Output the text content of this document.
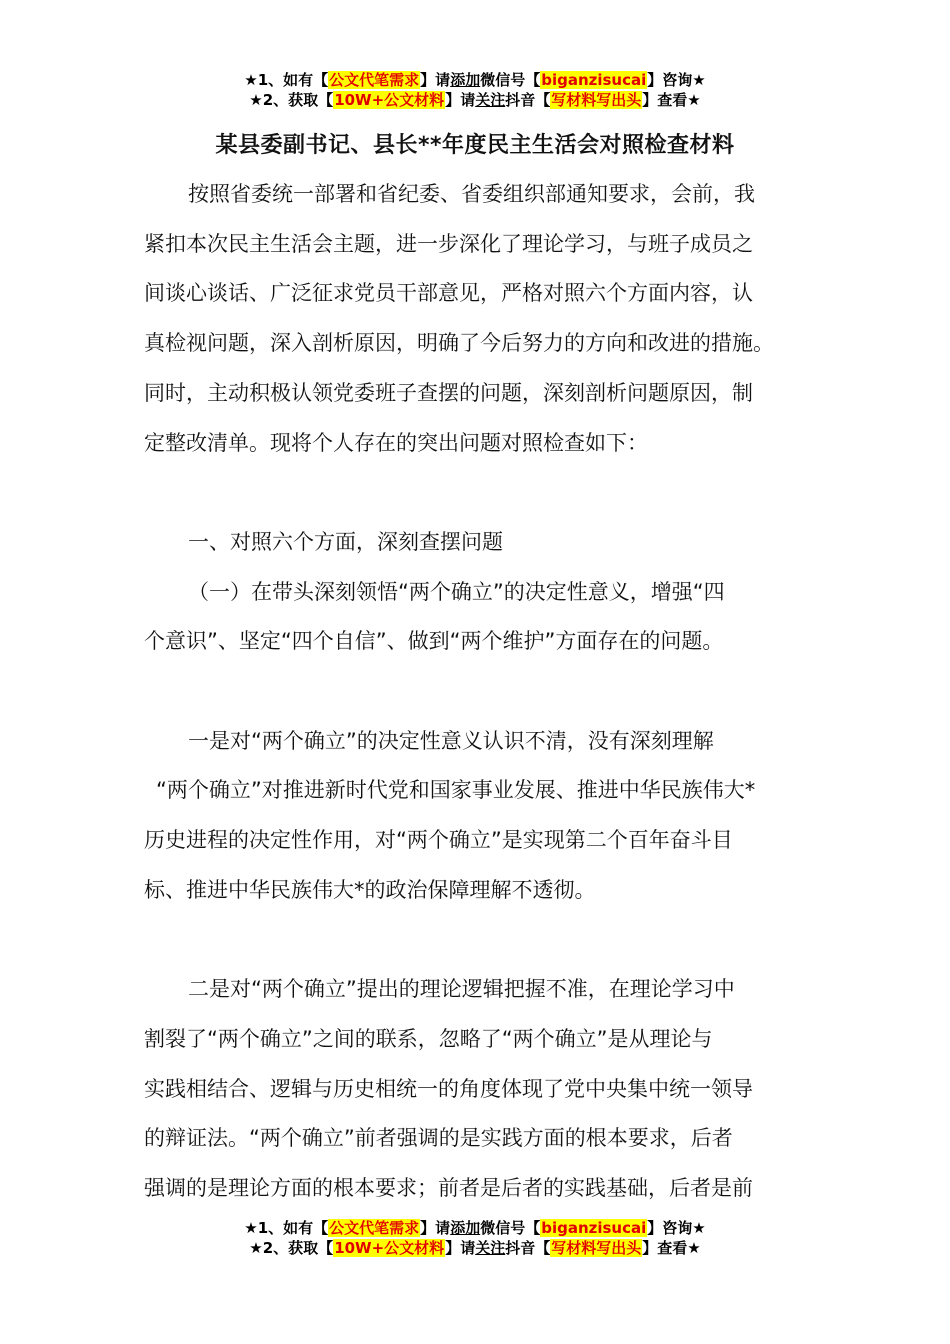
★1、如有【公文代笔需求】请添加微信号【biganzisucai】咨询★
★2、获取【10W+公文材料】请关注抖音【写材料写出头】查看★
某县委副书记、县长**年度民主生活会对照检查材料

按照省委统一部署和省纪委、省委组织部通知要求，会前，我

紧扣本次民主生活会主题，进一步深化了理论学习，与班子成员之
间谈心谈话、广泛征求党员干部意见，严格对照六个方面内容，认
真检视问题，深入剖析原因，明确了今后努力的方向和改进的措施。
同时，主动积极认领党委班子查摆的问题，深刻剖析问题原因，制
定整改清单。现将个人存在的突出问题对照检查如下：

一、对照六个方面，深刻查摆问题

（一）在带头深刻领悟“两个确立”的决定性意义，增强“四
个意识”、坚定“四个自信”、做到“两个维护”方面存在的问题。

一是对“两个确立”的决定性意义认识不清，没有深刻理解
“两个确立”对推进新时代党和国家事业发展、推进中华民族伟大*
历史进程的决定性作用，对“两个确立”是实现第二个百年奋斗目
标、推进中华民族伟大*的政治保障理解不透彻。

二是对“两个确立”提出的理论逻辑把握不准，在理论学习中
割裂了“两个确立”之间的联系，忽略了“两个确立”是从理论与
实践相结合、逻辑与历史相统一的角度体现了党中央集中统一领导
的辩证法。“两个确立”前者强调的是实践方面的根本要求，后者
强调的是理论方面的根本要求；前者是后者的实践基础，后者是前

★1、如有【公文代笔需求】请添加微信号【biganzisucai】咨询★
★2、获取【10W+公文材料】请关注抖音【写材料写出头】查看★
